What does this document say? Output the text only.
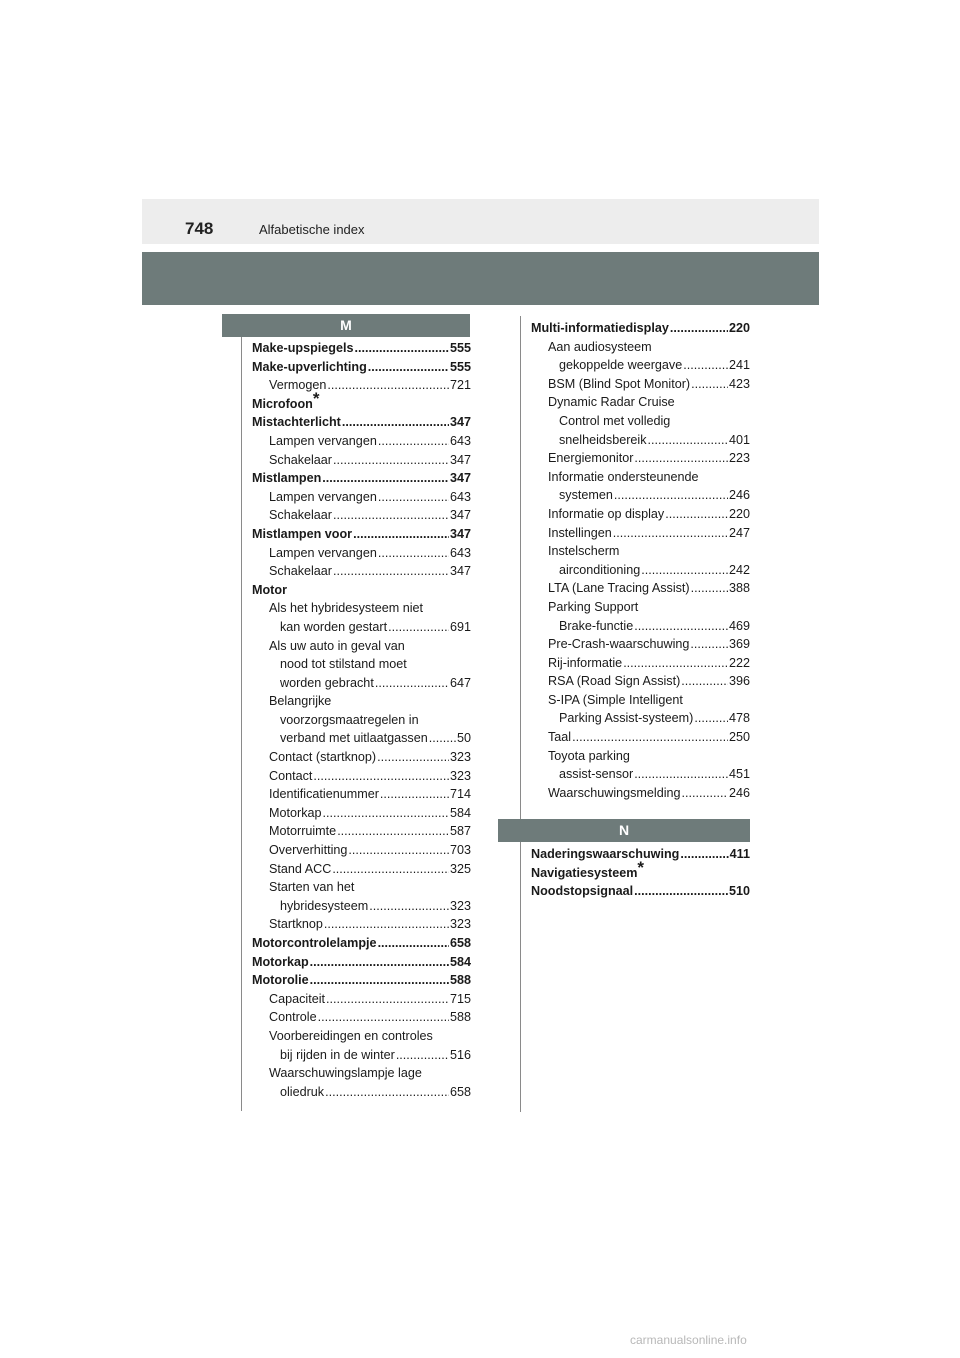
748	Alfabetische index
M
Make-upspiegels .....	555
Make-upverlichting .....	555
Vermogen .....	721
Microfoon*
Mistachterlicht .....	347
Lampen vervangen .....	643
Schakelaar .....	347
Mistlampen .....	347
Lampen vervangen .....	643
Schakelaar .....	347
Mistlampen voor .....	347
Lampen vervangen .....	643
Schakelaar .....	347
Motor
Als het hybridesysteem niet
kan worden gestart .....	691
Als uw auto in geval van
nood tot stilstand moet
worden gebracht .....	647
Belangrijke
voorzorgsmaatregelen in
verband met uitlaatgassen ..... 50
Contact (startknop) .....	323
Contact .....	323
Identificatienummer .....	714
Motorkap .....	584
Motorruimte .....	587
Oververhitting .....	703
Stand ACC .....	325
Starten van het
hybridesysteem .....	323
Startknop .....	323
Motorcontrolelampje .....	658
Motorkap .....	584
Motorolie .....	588
Capaciteit .....	715
Controle .....	588
Voorbereidingen en controles
bij rijden in de winter .....	516
Waarschuwingslampje lage
oliedruk .....	658
Multi-informatiedisplay .....	220
Aan audiosysteem
gekoppelde weergave .....	241
BSM (Blind Spot Monitor) .....	423
Dynamic Radar Cruise
Control met volledig
snelheidsbereik .....	401
Energiemonitor .....	223
Informatie ondersteunende
systemen .....	246
Informatie op display .....	220
Instellingen .....	247
Instelscherm
airconditioning .....	242
LTA (Lane Tracing Assist) .....	388
Parking Support
Brake-functie .....	469
Pre-Crash-waarschuwing .....	369
Rij-informatie .....	222
RSA (Road Sign Assist) .....	396
S-IPA (Simple Intelligent
Parking Assist-systeem) .....	478
Taal .....	250
Toyota parking
assist-sensor .....	451
Waarschuwingsmelding .....	246
N
Naderingswaarschuwing .....	411
Navigatiesysteem*
Noodstopsignaal .....	510
carmanualsonline.info
